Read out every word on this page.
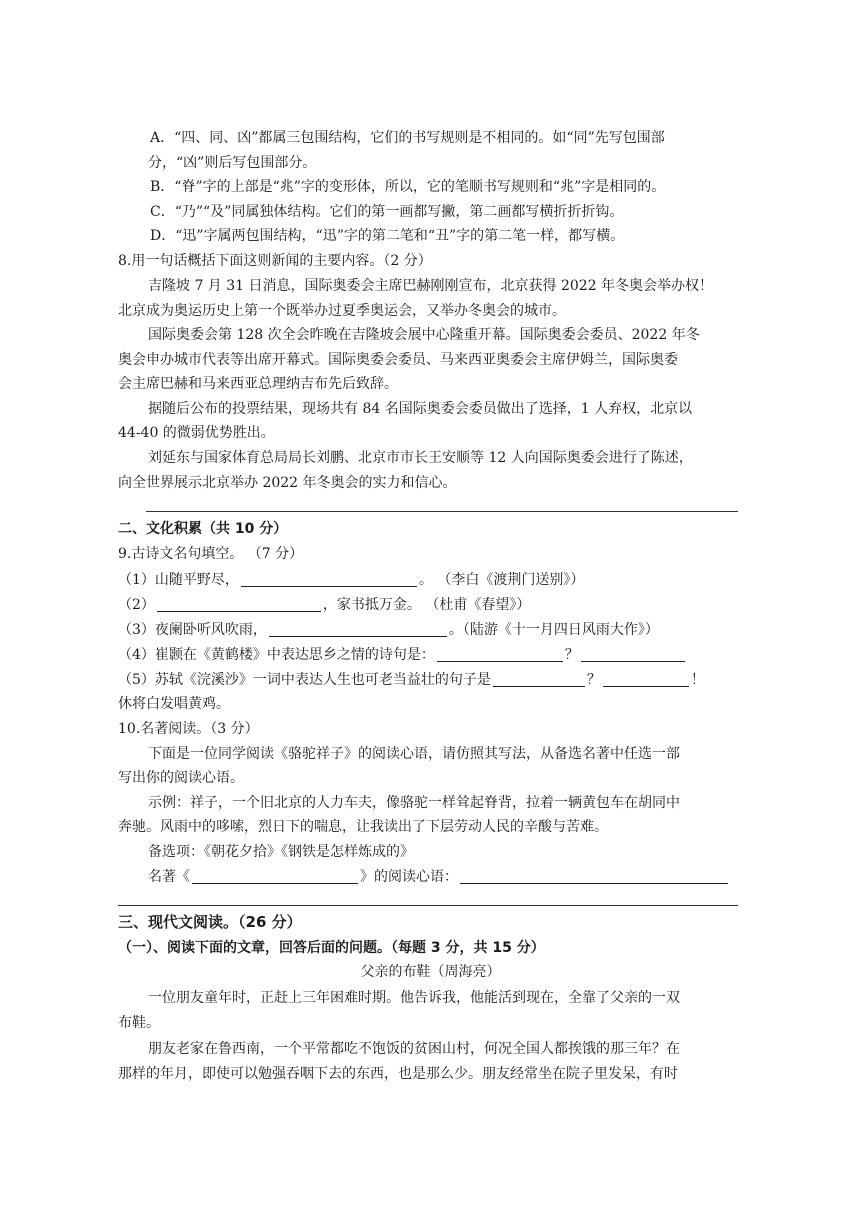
A．“四、同、凶”都属三包围结构，它们的书写规则是不相同的。如“同”先写包围部
分，“凶”则后写包围部分。
B．“脊”字的上部是“兆”字的变形体，所以，它的笔顺书写规则和“兆”字是相同的。
C．“乃”“及”同属独体结构。它们的第一画都写撇，第二画都写横折折折钩。
D．“迅”字属两包围结构，“迅”字的第二笔和“丑”字的第二笔一样，都写横。
8.用一句话概括下面这则新闻的主要内容。（2 分）
吉隆坡 7 月 31 日消息，国际奥委会主席巴赫刚刚宣布，北京获得 2022 年冬奥会举办权！
北京成为奥运历史上第一个既举办过夏季奥运会，又举办冬奥会的城市。
国际奥委会第 128 次全会昨晚在吉隆坡会展中心隆重开幕。国际奥委会委员、2022 年冬
奥会申办城市代表等出席开幕式。国际奥委会委员、马来西亚奥委会主席伊姆兰，国际奥委
会主席巴赫和马来西亚总理纳吉布先后致辞。
据随后公布的投票结果，现场共有 84 名国际奥委会委员做出了选择，1 人弃权，北京以
44-40 的微弱优势胜出。
刘延东与国家体育总局局长刘鹏、北京市市长王安顺等 12 人向国际奥委会进行了陈述，
向全世界展示北京举办 2022 年冬奥会的实力和信心。
二、文化积累（共 10 分）
9.古诗文名句填空。 （7 分）
（1）山随平野尽，	。 （李白《渡荆门送别》）
（2）	，家书抵万金。 （杜甫《春望》）
（3）夜阑卧听风吹雨，	。（陆游《十一月四日风雨大作》）
（4）崔颢在《黄鹤楼》中表达思乡之情的诗句是：	？
（5）苏轼《浣溪沙》一词中表达人生也可老当益壮的句子是	？	！
休将白发唱黄鸡。
10.名著阅读。（3 分）
下面是一位同学阅读《骆驼祥子》的阅读心语，请仿照其写法，从备选名著中任选一部
写出你的阅读心语。
示例：祥子，一个旧北京的人力车夫，像骆驼一样耸起脊背，拉着一辆黄包车在胡同中
奔驰。风雨中的哆嗦，烈日下的喘息，让我读出了下层劳动人民的辛酸与苦难。
备选项：《朝花夕拾》《钢铁是怎样炼成的》
名著《	》的阅读心语：
三、现代文阅读。（26 分）
（一）、阅读下面的文章，回答后面的问题。（每题 3 分，共 15 分）
父亲的布鞋（周海亮）
一位朋友童年时，正赶上三年困难时期。他告诉我，他能活到现在，全靠了父亲的一双
布鞋。
朋友老家在鲁西南，一个平常都吃不饱饭的贫困山村，何况全国人都挨饿的那三年？在
那样的年月，即使可以勉强吞咽下去的东西，也是那么少。朋友经常坐在院子里发呆，有时
